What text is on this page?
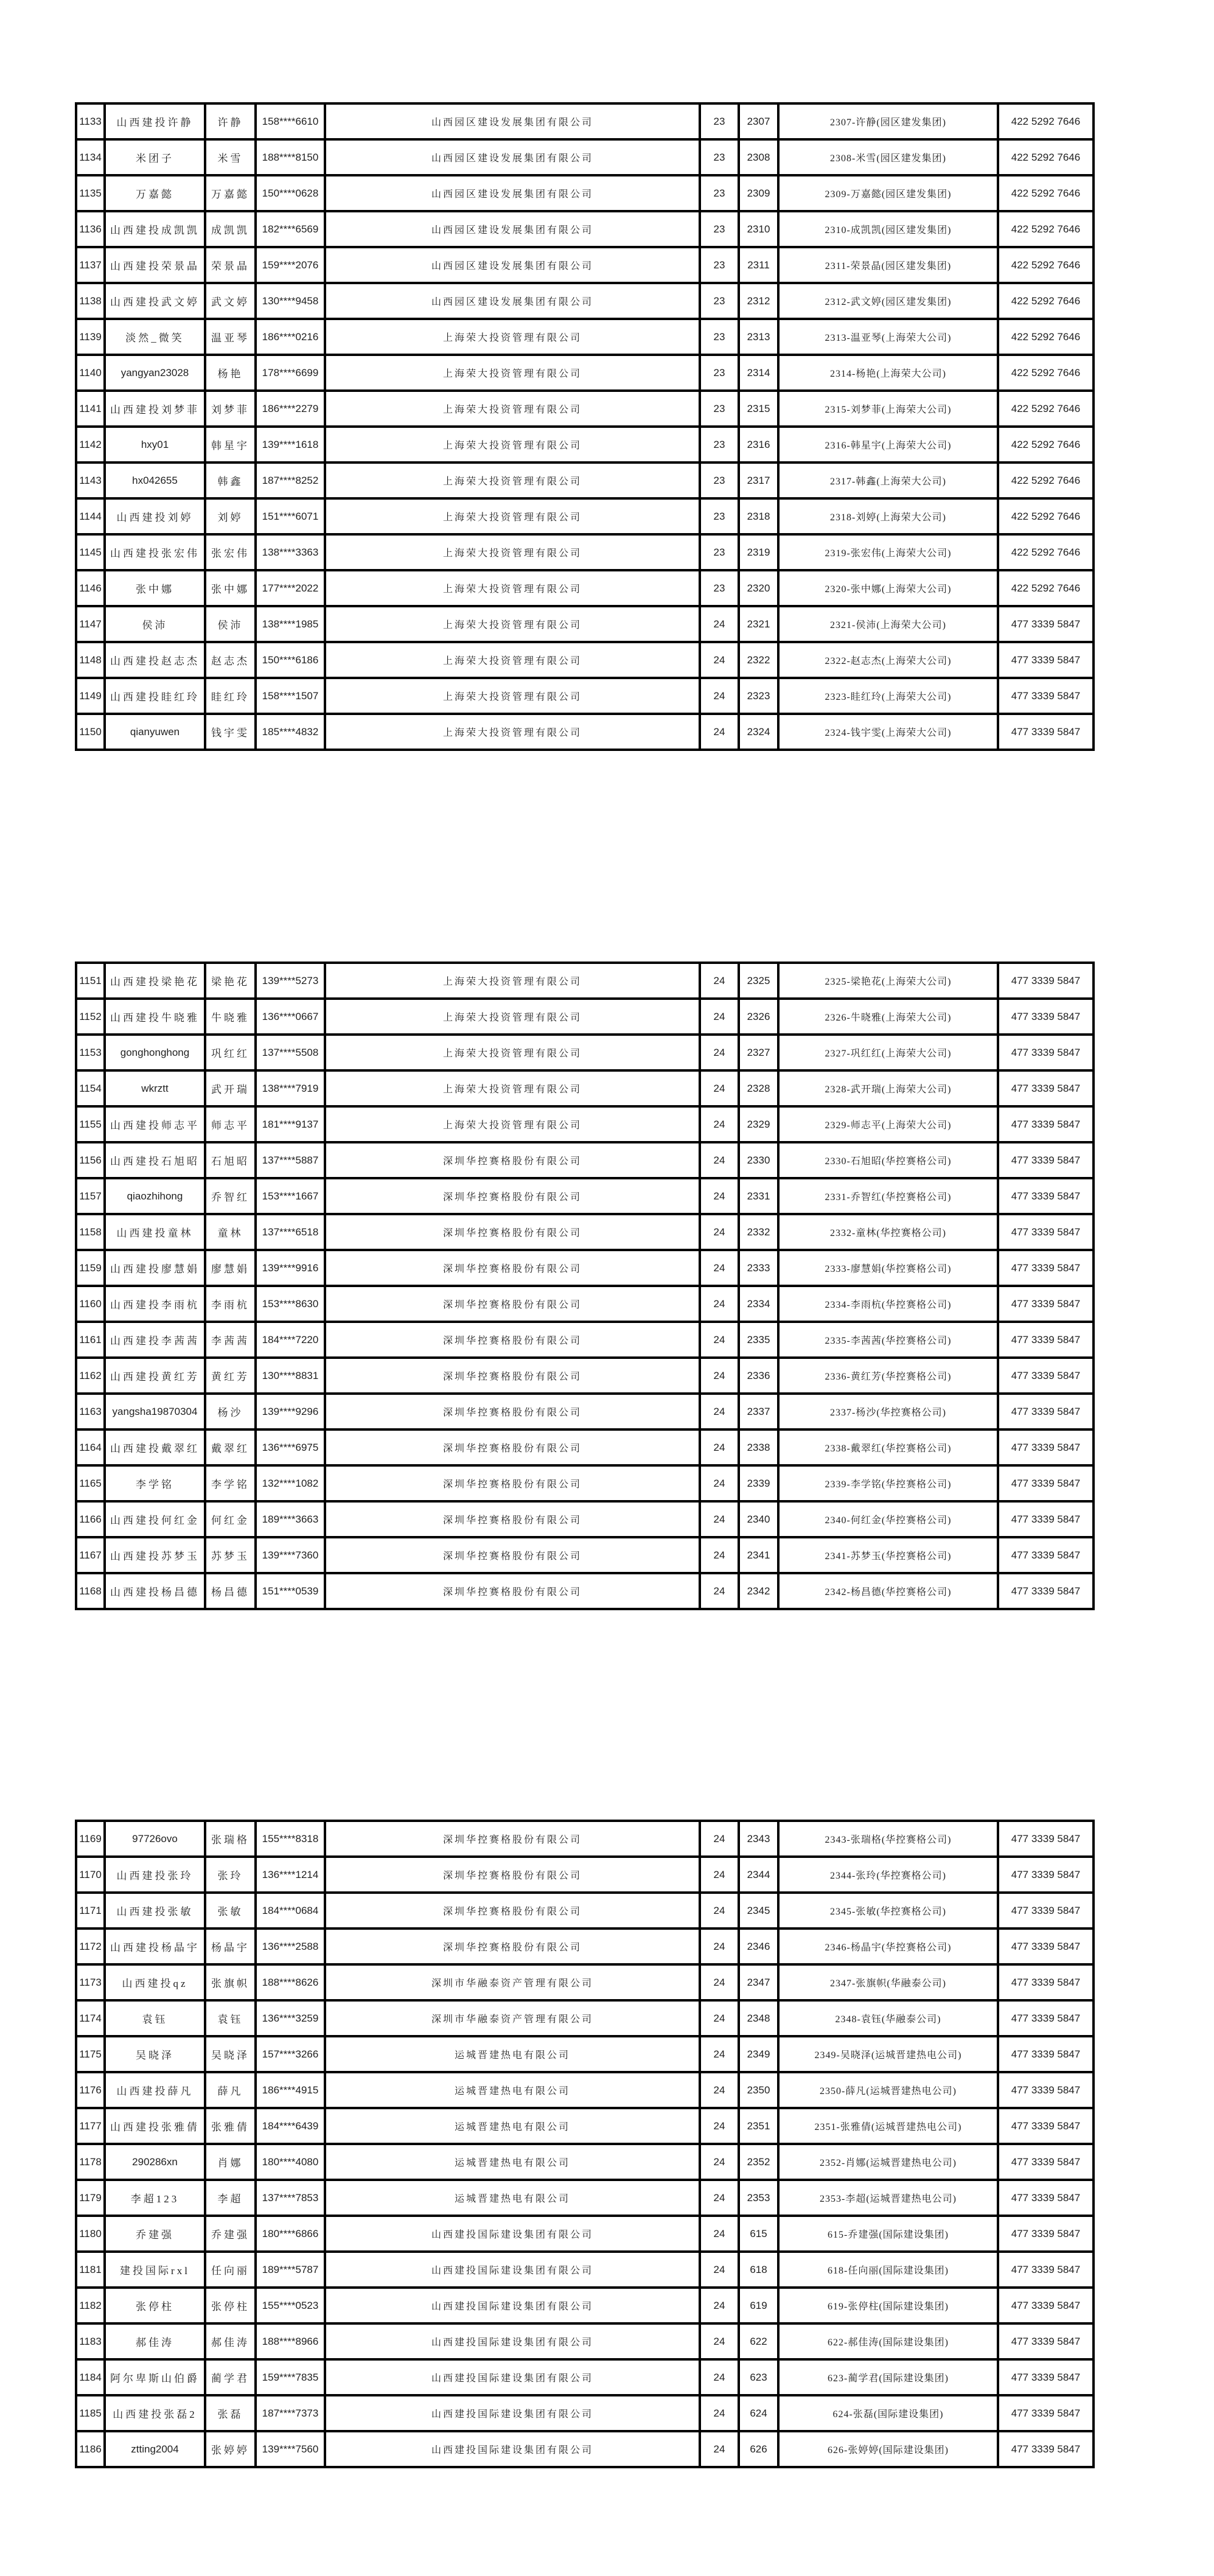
1133	山西建投许静	许静	158****6610	山西园区建设发展集团有限公司	23	2307	2307-许静(园区建发集团)	422 5292 7646
1134	米团子	米雪	188****8150	山西园区建设发展集团有限公司	23	2308	2308-米雪(园区建发集团)	422 5292 7646
1135	万嘉懿	万嘉懿	150****0628	山西园区建设发展集团有限公司	23	2309	2309-万嘉懿(园区建发集团)	422 5292 7646
1136	山西建投成凯凯	成凯凯	182****6569	山西园区建设发展集团有限公司	23	2310	2310-成凯凯(园区建发集团)	422 5292 7646
1137	山西建投荣景晶	荣景晶	159****2076	山西园区建设发展集团有限公司	23	2311	2311-荣景晶(园区建发集团)	422 5292 7646
1138	山西建投武文婷	武文婷	130****9458	山西园区建设发展集团有限公司	23	2312	2312-武文婷(园区建发集团)	422 5292 7646
1139	淡然_微笑	温亚琴	186****0216	上海荣大投资管理有限公司	23	2313	2313-温亚琴(上海荣大公司)	422 5292 7646
1140	yangyan23028	杨艳	178****6699	上海荣大投资管理有限公司	23	2314	2314-杨艳(上海荣大公司)	422 5292 7646
1141	山西建投刘梦菲	刘梦菲	186****2279	上海荣大投资管理有限公司	23	2315	2315-刘梦菲(上海荣大公司)	422 5292 7646
1142	hxy01	韩星宇	139****1618	上海荣大投资管理有限公司	23	2316	2316-韩星宇(上海荣大公司)	422 5292 7646
1143	hx042655	韩鑫	187****8252	上海荣大投资管理有限公司	23	2317	2317-韩鑫(上海荣大公司)	422 5292 7646
1144	山西建投刘婷	刘婷	151****6071	上海荣大投资管理有限公司	23	2318	2318-刘婷(上海荣大公司)	422 5292 7646
1145	山西建投张宏伟	张宏伟	138****3363	上海荣大投资管理有限公司	23	2319	2319-张宏伟(上海荣大公司)	422 5292 7646
1146	张中娜	张中娜	177****2022	上海荣大投资管理有限公司	23	2320	2320-张中娜(上海荣大公司)	422 5292 7646
1147	侯沛	侯沛	138****1985	上海荣大投资管理有限公司	24	2321	2321-侯沛(上海荣大公司)	477 3339 5847
1148	山西建投赵志杰	赵志杰	150****6186	上海荣大投资管理有限公司	24	2322	2322-赵志杰(上海荣大公司)	477 3339 5847
1149	山西建投眭红玲	眭红玲	158****1507	上海荣大投资管理有限公司	24	2323	2323-眭红玲(上海荣大公司)	477 3339 5847
1150	qianyuwen	钱宇雯	185****4832	上海荣大投资管理有限公司	24	2324	2324-钱宇雯(上海荣大公司)	477 3339 5847
1151	山西建投梁艳花	梁艳花	139****5273	上海荣大投资管理有限公司	24	2325	2325-梁艳花(上海荣大公司)	477 3339 5847
1152	山西建投牛晓雅	牛晓雅	136****0667	上海荣大投资管理有限公司	24	2326	2326-牛晓雅(上海荣大公司)	477 3339 5847
1153	gonghonghong	巩红红	137****5508	上海荣大投资管理有限公司	24	2327	2327-巩红红(上海荣大公司)	477 3339 5847
1154	wkrztt	武开瑞	138****7919	上海荣大投资管理有限公司	24	2328	2328-武开瑞(上海荣大公司)	477 3339 5847
1155	山西建投师志平	师志平	181****9137	上海荣大投资管理有限公司	24	2329	2329-师志平(上海荣大公司)	477 3339 5847
1156	山西建投石旭昭	石旭昭	137****5887	深圳华控赛格股份有限公司	24	2330	2330-石旭昭(华控赛格公司)	477 3339 5847
1157	qiaozhihong	乔智红	153****1667	深圳华控赛格股份有限公司	24	2331	2331-乔智红(华控赛格公司)	477 3339 5847
1158	山西建投童林	童林	137****6518	深圳华控赛格股份有限公司	24	2332	2332-童林(华控赛格公司)	477 3339 5847
1159	山西建投廖慧娟	廖慧娟	139****9916	深圳华控赛格股份有限公司	24	2333	2333-廖慧娟(华控赛格公司)	477 3339 5847
1160	山西建投李雨杭	李雨杭	153****8630	深圳华控赛格股份有限公司	24	2334	2334-李雨杭(华控赛格公司)	477 3339 5847
1161	山西建投李茜茜	李茜茜	184****7220	深圳华控赛格股份有限公司	24	2335	2335-李茜茜(华控赛格公司)	477 3339 5847
1162	山西建投黄红芳	黄红芳	130****8831	深圳华控赛格股份有限公司	24	2336	2336-黄红芳(华控赛格公司)	477 3339 5847
1163	yangsha19870304	杨沙	139****9296	深圳华控赛格股份有限公司	24	2337	2337-杨沙(华控赛格公司)	477 3339 5847
1164	山西建投戴翠红	戴翠红	136****6975	深圳华控赛格股份有限公司	24	2338	2338-戴翠红(华控赛格公司)	477 3339 5847
1165	李学铭	李学铭	132****1082	深圳华控赛格股份有限公司	24	2339	2339-李学铭(华控赛格公司)	477 3339 5847
1166	山西建投何红金	何红金	189****3663	深圳华控赛格股份有限公司	24	2340	2340-何红金(华控赛格公司)	477 3339 5847
1167	山西建投苏梦玉	苏梦玉	139****7360	深圳华控赛格股份有限公司	24	2341	2341-苏梦玉(华控赛格公司)	477 3339 5847
1168	山西建投杨昌德	杨昌德	151****0539	深圳华控赛格股份有限公司	24	2342	2342-杨昌德(华控赛格公司)	477 3339 5847
1169	97726ovo	张瑞格	155****8318	深圳华控赛格股份有限公司	24	2343	2343-张瑞格(华控赛格公司)	477 3339 5847
1170	山西建投张玲	张玲	136****1214	深圳华控赛格股份有限公司	24	2344	2344-张玲(华控赛格公司)	477 3339 5847
1171	山西建投张敏	张敏	184****0684	深圳华控赛格股份有限公司	24	2345	2345-张敏(华控赛格公司)	477 3339 5847
1172	山西建投杨晶宇	杨晶宇	136****2588	深圳华控赛格股份有限公司	24	2346	2346-杨晶宇(华控赛格公司)	477 3339 5847
1173	山西建投qz	张旗帜	188****8626	深圳市华融泰资产管理有限公司	24	2347	2347-张旗帜(华融泰公司)	477 3339 5847
1174	袁钰	袁钰	136****3259	深圳市华融泰资产管理有限公司	24	2348	2348-袁钰(华融泰公司)	477 3339 5847
1175	吴晓泽	吴晓泽	157****3266	运城晋建热电有限公司	24	2349	2349-吴晓泽(运城晋建热电公司)	477 3339 5847
1176	山西建投薛凡	薛凡	186****4915	运城晋建热电有限公司	24	2350	2350-薛凡(运城晋建热电公司)	477 3339 5847
1177	山西建投张雅倩	张雅倩	184****6439	运城晋建热电有限公司	24	2351	2351-张雅倩(运城晋建热电公司)	477 3339 5847
1178	290286xn	肖娜	180****4080	运城晋建热电有限公司	24	2352	2352-肖娜(运城晋建热电公司)	477 3339 5847
1179	李超123	李超	137****7853	运城晋建热电有限公司	24	2353	2353-李超(运城晋建热电公司)	477 3339 5847
1180	乔建强	乔建强	180****6866	山西建投国际建设集团有限公司	24	615	615-乔建强(国际建设集团)	477 3339 5847
1181	建投国际rxl	任向丽	189****5787	山西建投国际建设集团有限公司	24	618	618-任向丽(国际建设集团)	477 3339 5847
1182	张停柱	张停柱	155****0523	山西建投国际建设集团有限公司	24	619	619-张停柱(国际建设集团)	477 3339 5847
1183	郝佳涛	郝佳涛	188****8966	山西建投国际建设集团有限公司	24	622	622-郝佳涛(国际建设集团)	477 3339 5847
1184	阿尔卑斯山伯爵	蔺学君	159****7835	山西建投国际建设集团有限公司	24	623	623-蔺学君(国际建设集团)	477 3339 5847
1185	山西建投张磊2	张磊	187****7373	山西建投国际建设集团有限公司	24	624	624-张磊(国际建设集团)	477 3339 5847
1186	ztting2004	张婷婷	139****7560	山西建投国际建设集团有限公司	24	626	626-张婷婷(国际建设集团)	477 3339 5847
